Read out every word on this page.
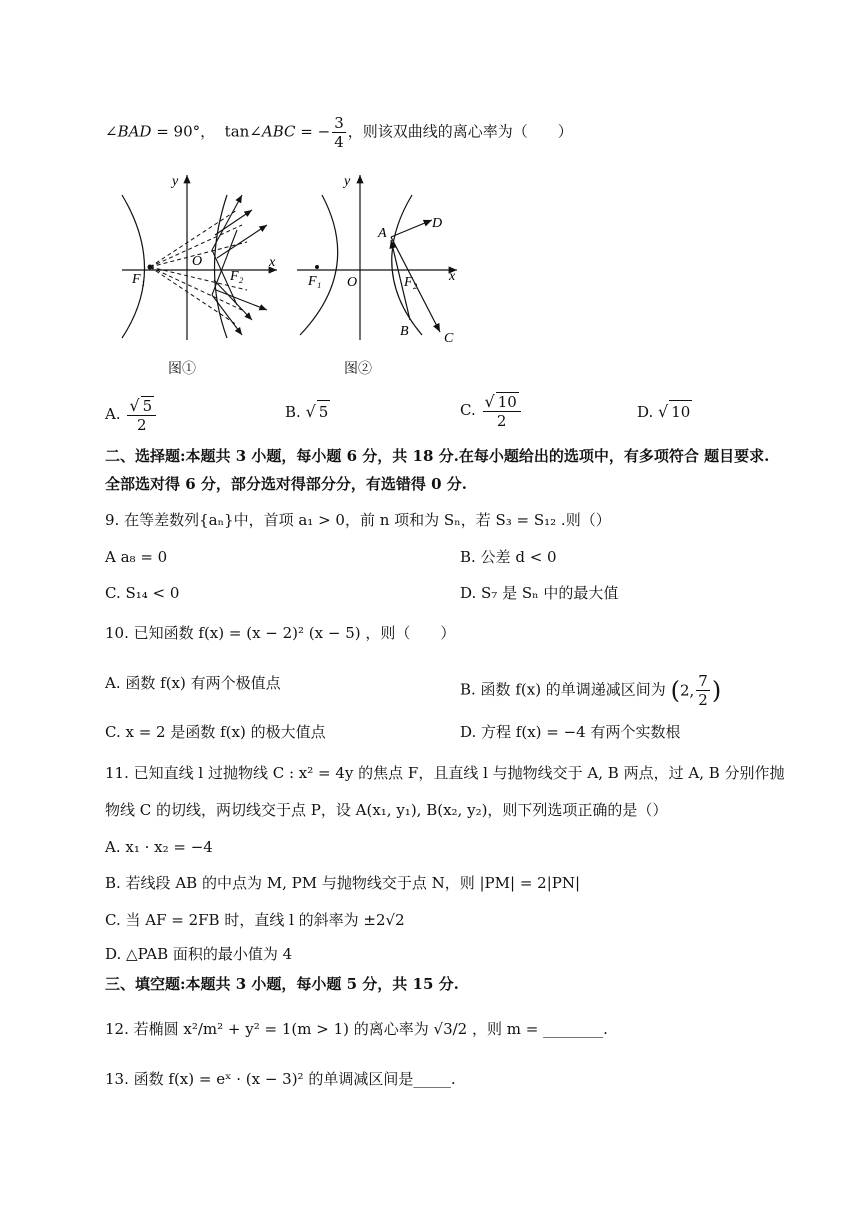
∠BAD = 90°，  tan∠ABC = − $\frac{3}{4}$ ，则该双曲线的离心率为（　　）
y
x
O
F₁	F₂
图①
y
x
O
F₁	F₂
A
D
B	C
图②
A. $\frac{√ 5}{2}$	B. √ 5	C. $\frac{√ 10}{2}$	D. √ 10
二、选择题:本题共 3 小题，每小题 6 分，共 18 分.在每小题给出的选项中，有多项符合 题目要求.
全部选对得 6 分，部分选对得部分分，有选错得 0 分.
9. 在等差数列{aₙ}中，首项 a₁ > 0，前 n 项和为 Sₙ，若 S₃ = S₁₂ .则（）
A a₈ = 0	B. 公差 d < 0
C. S₁₄ < 0	D. S₇ 是 Sₙ 中的最大值
10. 已知函数 f(x) = (x − 2)² (x − 5) ，则（　　）
A. 函数 f(x) 有两个极值点	B. 函数 f(x) 的单调递减区间为 (2, $\frac{7}{2}$ )
C. x = 2 是函数 f(x) 的极大值点	D. 方程 f(x) = −4 有两个实数根
11. 已知直线 l 过抛物线 C : x² = 4y 的焦点 F，且直线 l 与抛物线交于 A, B 两点，过 A, B 分别作抛
物线 C 的切线，两切线交于点 P，设 A(x₁, y₁), B(x₂, y₂)，则下列选项正确的是（）
A. x₁ · x₂ = −4
B. 若线段 AB 的中点为 M, PM 与抛物线交于点 N，则 |PM| = 2|PN|
C. 当 AF = 2FB 时，直线 l 的斜率为 ±2√2
D. △PAB 面积的最小值为 4
三、填空题:本题共 3 小题，每小题 5 分，共 15 分.
12. 若椭圆 x²/m² + y² = 1(m > 1) 的离心率为 √3/2 ，则 m = ________.
13. 函数 f(x) = eˣ · (x − 3)² 的单调减区间是_____.
